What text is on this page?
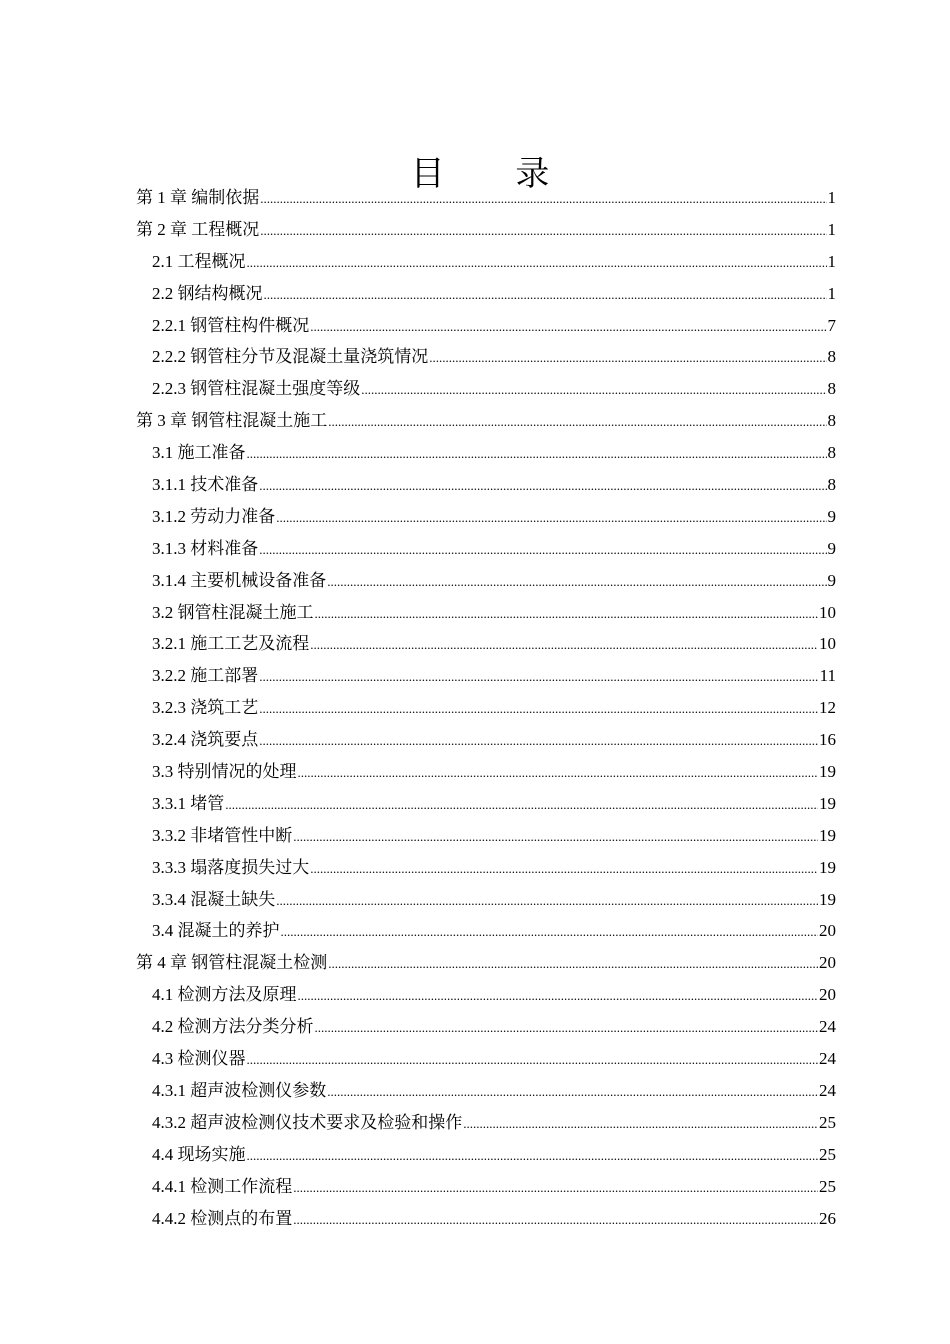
目 录
第 1 章 编制依据 .....	1
第 2 章 工程概况 .....	1
2.1 工程概况 .....	1
2.2 钢结构概况 .....	1
2.2.1 钢管柱构件概况 .....	7
2.2.2 钢管柱分节及混凝土量浇筑情况 .....	8
2.2.3 钢管柱混凝土强度等级 .....	8
第 3 章 钢管柱混凝土施工 .....	8
3.1 施工准备 .....	8
3.1.1 技术准备 .....	8
3.1.2 劳动力准备 .....	9
3.1.3 材料准备 .....	9
3.1.4 主要机械设备准备 .....	9
3.2 钢管柱混凝土施工 .....	10
3.2.1 施工工艺及流程 .....	10
3.2.2 施工部署 .....	11
3.2.3 浇筑工艺 .....	12
3.2.4 浇筑要点 .....	16
3.3 特别情况的处理 .....	19
3.3.1 堵管 .....	19
3.3.2 非堵管性中断 .....	19
3.3.3 塌落度损失过大 .....	19
3.3.4 混凝土缺失 .....	19
3.4 混凝土的养护 .....	20
第 4 章 钢管柱混凝土检测 .....	20
4.1 检测方法及原理 .....	20
4.2 检测方法分类分析 .....	24
4.3 检测仪器 .....	24
4.3.1 超声波检测仪参数 .....	24
4.3.2 超声波检测仪技术要求及检验和操作 .....	25
4.4 现场实施 .....	25
4.4.1 检测工作流程 .....	25
4.4.2 检测点的布置 .....	26
